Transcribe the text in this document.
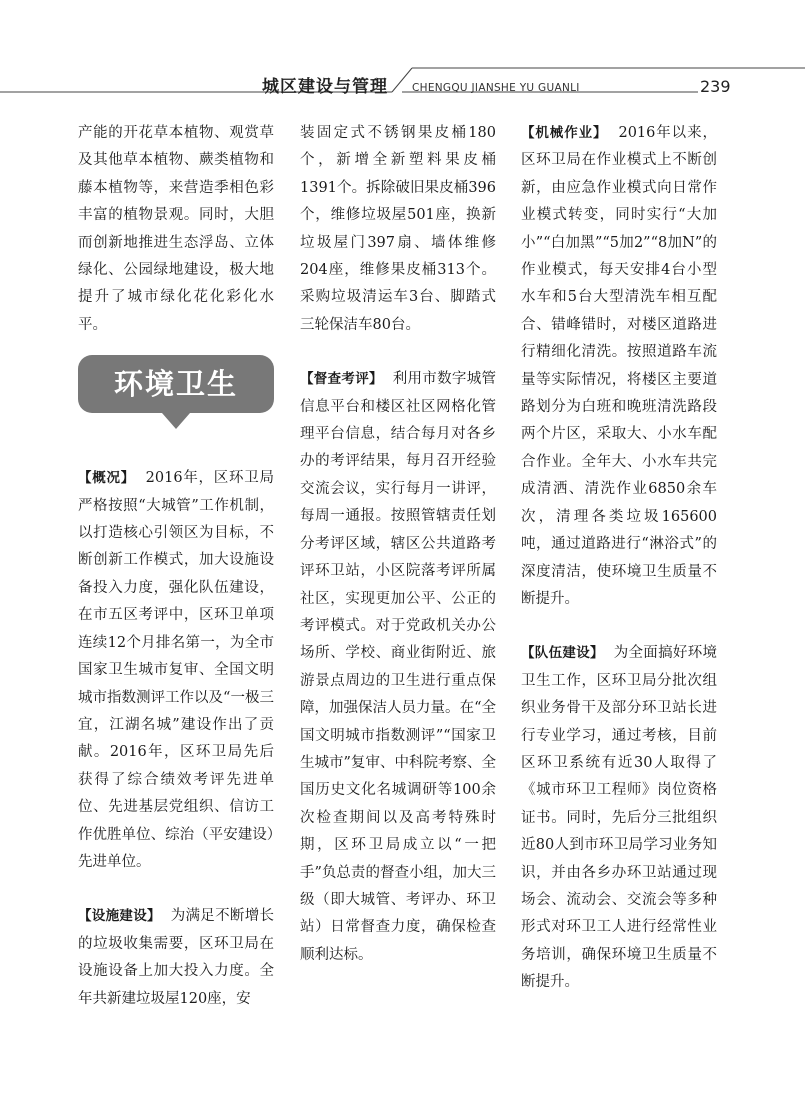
城区建设与管理 CHENGQU JIANSHE YU GUANLI	239

产能的开花草本植物、观赏草及其他草本植物、蕨类植物和藤本植物等，来营造季相色彩丰富的植物景观。同时，大胆而创新地推进生态浮岛、立体绿化、公园绿地建设，极大地提升了城市绿化花化彩化水平。

环境卫生

【概况】 2016年，区环卫局严格按照“大城管”工作机制，以打造核心引领区为目标，不断创新工作模式，加大设施设备投入力度，强化队伍建设，在市五区考评中，区环卫单项连续12个月排名第一，为全市国家卫生城市复审、全国文明城市指数测评工作以及“一极三宜，江湖名城”建设作出了贡献。2016年，区环卫局先后获得了综合绩效考评先进单位、先进基层党组织、信访工作优胜单位、综治（平安建设）先进单位。

【设施建设】 为满足不断增长的垃圾收集需要，区环卫局在设施设备上加大投入力度。全年共新建垃圾屋120座，安

装固定式不锈钢果皮桶180个，新增全新塑料果皮桶1391个。拆除破旧果皮桶396个，维修垃圾屋501座，换新垃圾屋门397扇、墙体维修204座，维修果皮桶313个。采购垃圾清运车3台、脚踏式三轮保洁车80台。

【督查考评】 利用市数字城管信息平台和楼区社区网格化管理平台信息，结合每月对各乡办的考评结果，每月召开经验交流会议，实行每月一讲评，每周一通报。按照管辖责任划分考评区域，辖区公共道路考评环卫站，小区院落考评所属社区，实现更加公平、公正的考评模式。对于党政机关办公场所、学校、商业街附近、旅游景点周边的卫生进行重点保障，加强保洁人员力量。在“全国文明城市指数测评”“国家卫生城市”复审、中科院考察、全国历史文化名城调研等100余次检查期间以及高考特殊时期，区环卫局成立以“一把手”负总责的督查小组，加大三级（即大城管、考评办、环卫站）日常督查力度，确保检查顺利达标。

【机械作业】 2016年以来，区环卫局在作业模式上不断创新，由应急作业模式向日常作业模式转变，同时实行“大加小”“白加黑”“5加2”“8加N”的作业模式，每天安排4台小型水车和5台大型清洗车相互配合、错峰错时，对楼区道路进行精细化清洗。按照道路车流量等实际情况，将楼区主要道路划分为白班和晚班清洗路段两个片区，采取大、小水车配合作业。全年大、小水车共完成清洒、清洗作业6850余车次，清理各类垃圾165600吨，通过道路进行“淋浴式”的深度清洁，使环境卫生质量不断提升。

【队伍建设】 为全面搞好环境卫生工作，区环卫局分批次组织业务骨干及部分环卫站长进行专业学习，通过考核，目前区环卫系统有近30人取得了《城市环卫工程师》岗位资格证书。同时，先后分三批组织近80人到市环卫局学习业务知识，并由各乡办环卫站通过现场会、流动会、交流会等多种形式对环卫工人进行经常性业务培训，确保环境卫生质量不断提升。
